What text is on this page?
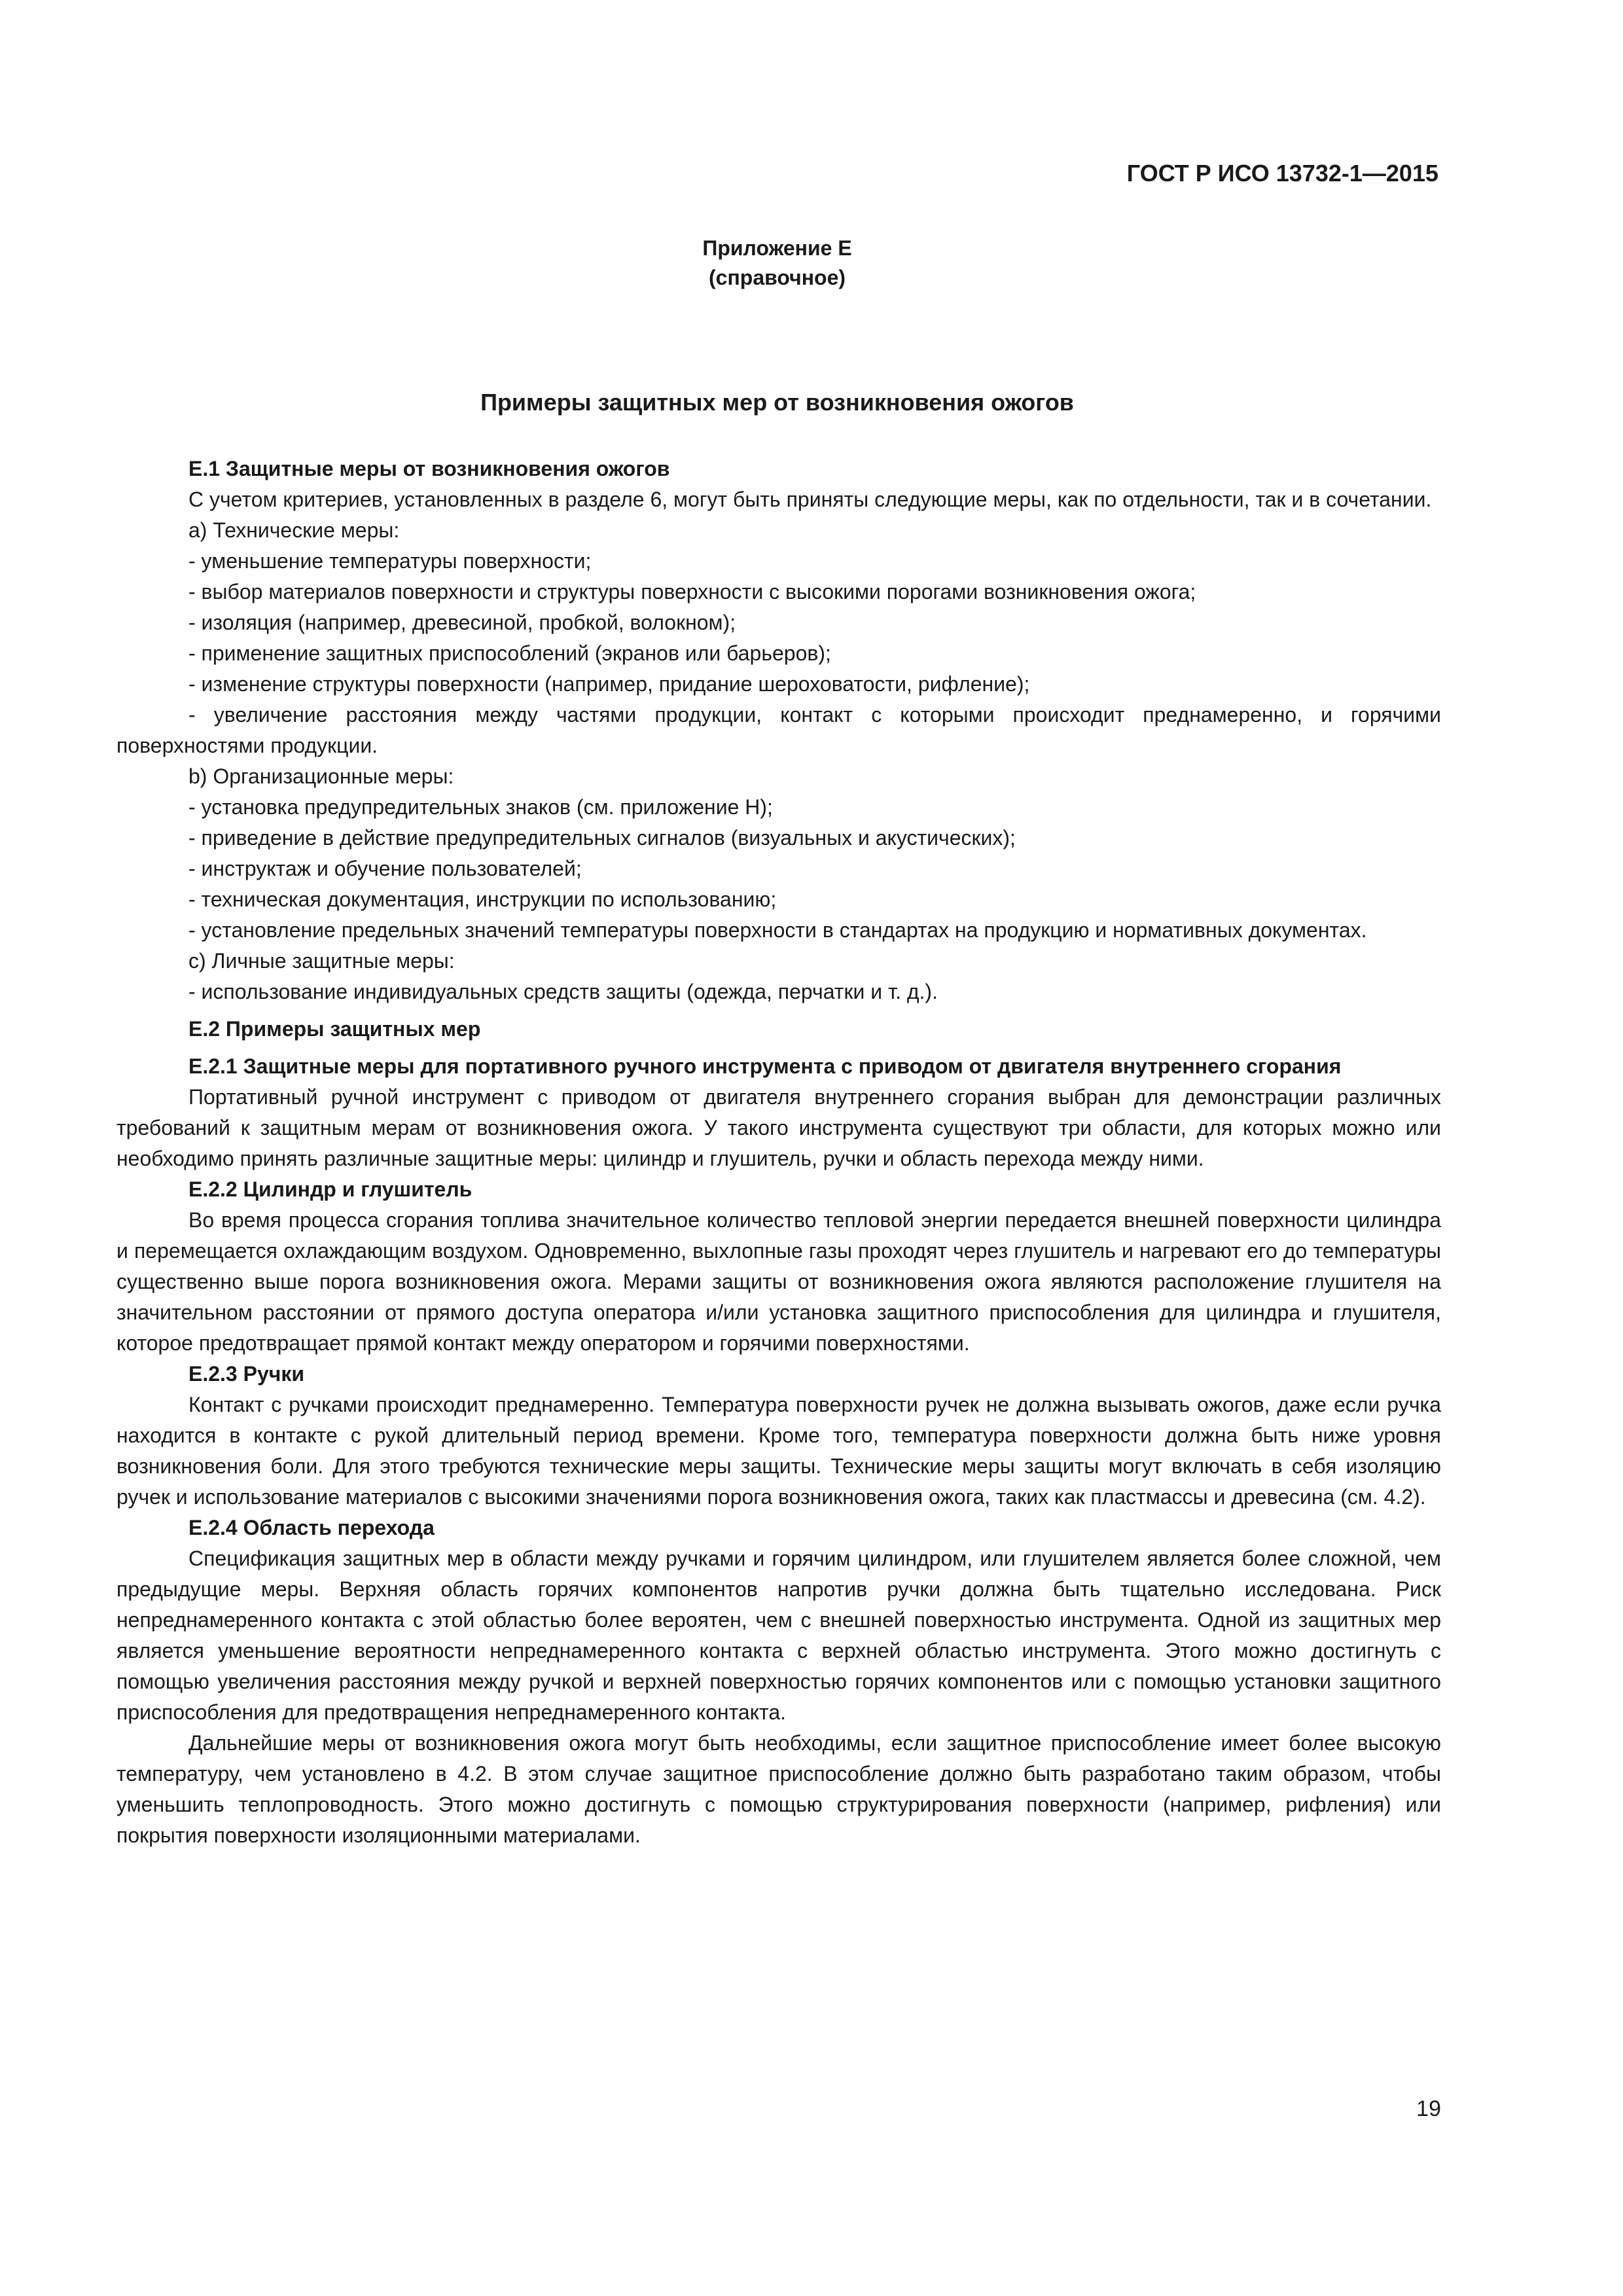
ГОСТ Р ИСО 13732-1—2015
Приложение Е
(справочное)
Примеры защитных мер от возникновения ожогов

Е.1 Защитные меры от возникновения ожогов

С учетом критериев, установленных в разделе 6, могут быть приняты следующие меры, как по отдельности, так и в сочетании.

а) Технические меры:

- уменьшение температуры поверхности;

- выбор материалов поверхности и структуры поверхности с высокими порогами возникновения ожога;

- изоляция (например, древесиной, пробкой, волокном);

- применение защитных приспособлений (экранов или барьеров);

- изменение структуры поверхности (например, придание шероховатости, рифление);

- увеличение расстояния между частями продукции, контакт с которыми происходит преднамеренно, и горячими поверхностями продукции.

b) Организационные меры:

- установка предупредительных знаков (см. приложение Н);

- приведение в действие предупредительных сигналов (визуальных и акустических);

- инструктаж и обучение пользователей;

- техническая документация, инструкции по использованию;

- установление предельных значений температуры поверхности в стандартах на продукцию и нормативных документах.

с) Личные защитные меры:

- использование индивидуальных средств защиты (одежда, перчатки и т. д.).

Е.2 Примеры защитных мер

Е.2.1 Защитные меры для портативного ручного инструмента с приводом от двигателя внутреннего сгорания

Портативный ручной инструмент с приводом от двигателя внутреннего сгорания выбран для демонстрации различных требований к защитным мерам от возникновения ожога. У такого инструмента существуют три области, для которых можно или необходимо принять различные защитные меры: цилиндр и глушитель, ручки и область перехода между ними.

Е.2.2 Цилиндр и глушитель

Во время процесса сгорания топлива значительное количество тепловой энергии передается внешней поверхности цилиндра и перемещается охлаждающим воздухом. Одновременно, выхлопные газы проходят через глушитель и нагревают его до температуры существенно выше порога возникновения ожога. Мерами защиты от возникновения ожога являются расположение глушителя на значительном расстоянии от прямого доступа оператора и/или установка защитного приспособления для цилиндра и глушителя, которое предотвращает прямой контакт между оператором и горячими поверхностями.

Е.2.3 Ручки

Контакт с ручками происходит преднамеренно. Температура поверхности ручек не должна вызывать ожогов, даже если ручка находится в контакте с рукой длительный период времени. Кроме того, температура поверхности должна быть ниже уровня возникновения боли. Для этого требуются технические меры защиты. Технические меры защиты могут включать в себя изоляцию ручек и использование материалов с высокими значениями порога возникновения ожога, таких как пластмассы и древесина (см. 4.2).

Е.2.4 Область перехода

Спецификация защитных мер в области между ручками и горячим цилиндром, или глушителем является более сложной, чем предыдущие меры. Верхняя область горячих компонентов напротив ручки должна быть тщательно исследована. Риск непреднамеренного контакта с этой областью более вероятен, чем с внешней поверхностью инструмента. Одной из защитных мер является уменьшение вероятности непреднамеренного контакта с верхней областью инструмента. Этого можно достигнуть с помощью увеличения расстояния между ручкой и верхней поверхностью горячих компонентов или с помощью установки защитного приспособления для предотвращения непреднамеренного контакта.

Дальнейшие меры от возникновения ожога могут быть необходимы, если защитное приспособление имеет более высокую температуру, чем установлено в 4.2. В этом случае защитное приспособление должно быть разработано таким образом, чтобы уменьшить теплопроводность. Этого можно достигнуть с помощью структурирования поверхности (например, рифления) или покрытия поверхности изоляционными материалами.

19
